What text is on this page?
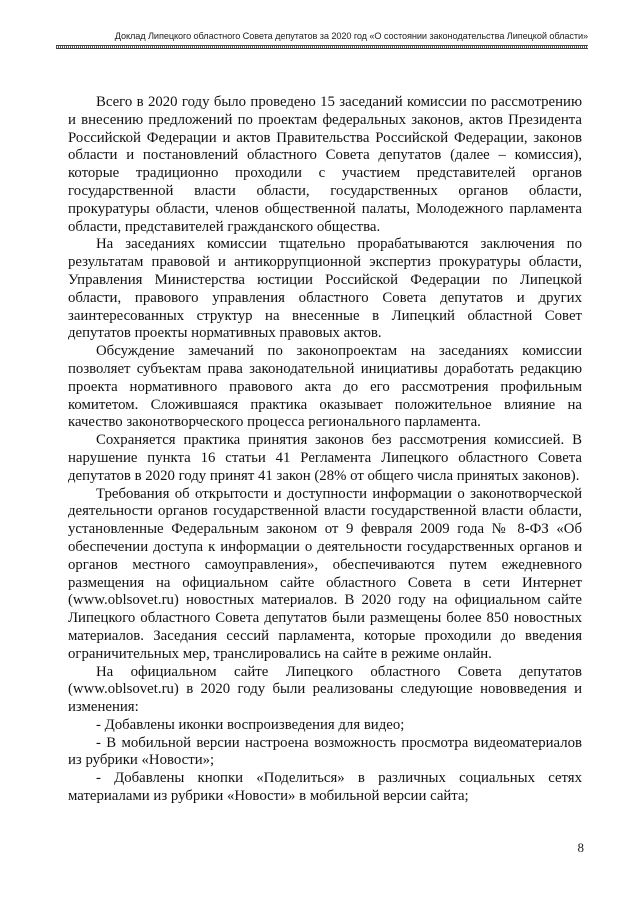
Доклад Липецкого областного Совета депутатов за 2020 год «О состоянии законодательства Липецкой области»

Всего в 2020 году было проведено 15 заседаний комиссии по рассмотрению и внесению предложений по проектам федеральных законов, актов Президента Российской Федерации и актов Правительства Российской Федерации, законов области и постановлений областного Совета депутатов (далее – комиссия), которые традиционно проходили с участием представителей органов государственной власти области, государственных органов области, прокуратуры области, членов общественной палаты, Молодежного парламента области, представителей гражданского общества.

На заседаниях комиссии тщательно прорабатываются заключения по результатам правовой и антикоррупционной экспертиз прокуратуры области, Управления Министерства юстиции Российской Федерации по Липецкой области, правового управления областного Совета депутатов и других заинтересованных структур на внесенные в Липецкий областной Совет депутатов проекты нормативных правовых актов.

Обсуждение замечаний по законопроектам на заседаниях комиссии позволяет субъектам права законодательной инициативы доработать редакцию проекта нормативного правового акта до его рассмотрения профильным комитетом. Сложившаяся практика оказывает положительное влияние на качество законотворческого процесса регионального парламента.

Сохраняется практика принятия законов без рассмотрения комиссией. В нарушение пункта 16 статьи 41 Регламента Липецкого областного Совета депутатов в 2020 году принят 41 закон (28% от общего числа принятых законов).

Требования об открытости и доступности информации о законотворческой деятельности органов государственной власти государственной власти области, установленные Федеральным законом от 9 февраля 2009 года № 8-ФЗ «Об обеспечении доступа к информации о деятельности государственных органов и органов местного самоуправления», обеспечиваются путем ежедневного размещения на официальном сайте областного Совета в сети Интернет (www.oblsovet.ru) новостных материалов. В 2020 году на официальном сайте Липецкого областного Совета депутатов были размещены более 850 новостных материалов. Заседания сессий парламента, которые проходили до введения ограничительных мер, транслировались на сайте в режиме онлайн.

На официальном сайте Липецкого областного Совета депутатов (www.oblsovet.ru) в 2020 году были реализованы следующие нововведения и изменения:

- Добавлены иконки воспроизведения для видео;

- В мобильной версии настроена возможность просмотра видеоматериалов из рубрики «Новости»;

- Добавлены кнопки «Поделиться» в различных социальных сетях материалами из рубрики «Новости» в мобильной версии сайта;

8
